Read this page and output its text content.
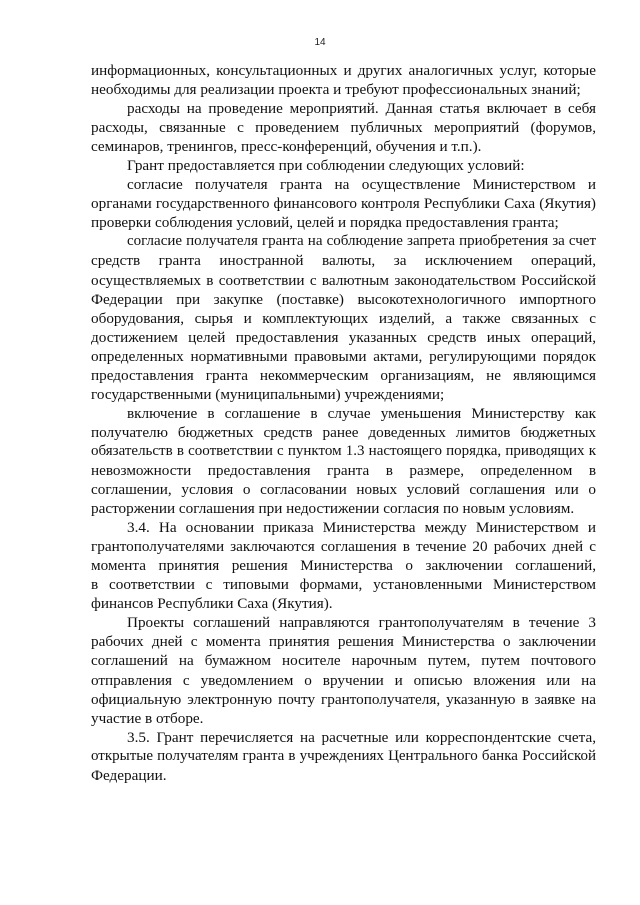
14
информационных, консультационных и других аналогичных услуг, которые
необходимы для реализации проекта и требуют профессиональных знаний;
расходы на проведение мероприятий. Данная статья включает в себя
расходы, связанные с проведением публичных мероприятий (форумов,
семинаров, тренингов, пресс-конференций, обучения и т.п.).
Грант предоставляется при соблюдении следующих условий:
согласие получателя гранта на осуществление Министерством и
органами государственного финансового контроля Республики Саха (Якутия)
проверки соблюдения условий, целей и порядка предоставления гранта;
согласие получателя гранта на соблюдение запрета приобретения за счет
средств гранта иностранной валюты, за исключением операций,
осуществляемых в соответствии с валютным законодательством Российской
Федерации при закупке (поставке) высокотехнологичного импортного
оборудования, сырья и комплектующих изделий, а также связанных с
достижением целей предоставления указанных средств иных операций,
определенных нормативными правовыми актами, регулирующими порядок
предоставления гранта некоммерческим организациям, не являющимся
государственными (муниципальными) учреждениями;
включение в соглашение в случае уменьшения Министерству как
получателю бюджетных средств ранее доведенных лимитов бюджетных
обязательств в соответствии с пунктом 1.3 настоящего порядка, приводящих к
невозможности предоставления гранта в размере, определенном в
соглашении, условия о согласовании новых условий соглашения или о
расторжении соглашения при недостижении согласия по новым условиям.
3.4. На основании приказа Министерства между Министерством и
грантополучателями заключаются соглашения в течение 20 рабочих дней с
момента принятия решения Министерства о заключении соглашений,
в соответствии с типовыми формами, установленными Министерством
финансов Республики Саха (Якутия).
Проекты соглашений направляются грантополучателям в течение 3
рабочих дней с момента принятия решения Министерства о заключении
соглашений на бумажном носителе нарочным путем, путем почтового
отправления с уведомлением о вручении и описью вложения или на
официальную электронную почту грантополучателя, указанную в заявке на
участие в отборе.
3.5. Грант перечисляется на расчетные или корреспондентские счета,
открытые получателям гранта в учреждениях Центрального банка Российской
Федерации.
